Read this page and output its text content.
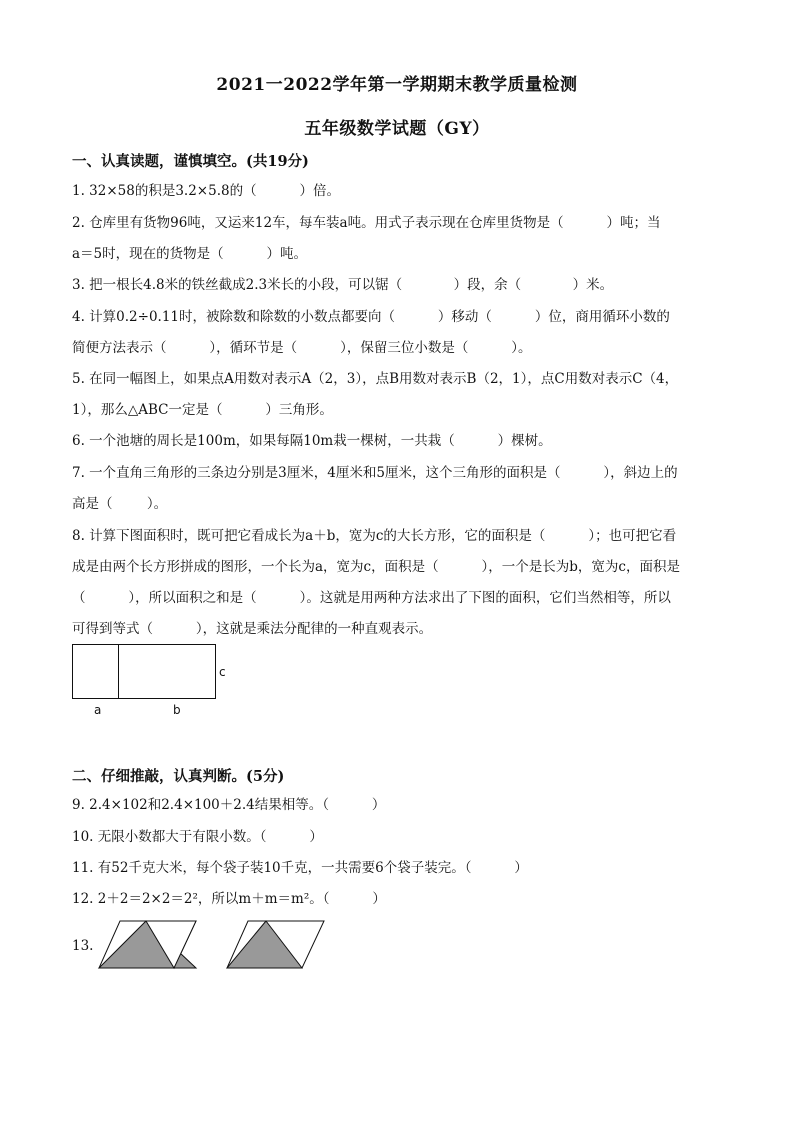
2021一2022学年第一学期期末教学质量检测
五年级数学试题（GY）
一、认真读题，谨慎填空。(共19分)
1. 32×58的积是3.2×5.8的（          ）倍。
2. 仓库里有货物96吨，又运来12车，每车装a吨。用式子表示现在仓库里货物是（          ）吨；当
a＝5时，现在的货物是（          ）吨。
3. 把一根长4.8米的铁丝截成2.3米长的小段，可以锯（            ）段，余（            ）米。
4. 计算0.2÷0.11时，被除数和除数的小数点都要向（          ）移动（          ）位，商用循环小数的
简便方法表示（          ），循环节是（          ），保留三位小数是（          ）。
5. 在同一幅图上，如果点A用数对表示A（2，3），点B用数对表示B（2，1），点C用数对表示C（4，
1），那么△ABC一定是（          ）三角形。
6. 一个池塘的周长是100m，如果每隔10m栽一棵树，一共栽（          ）棵树。
7. 一个直角三角形的三条边分别是3厘米，4厘米和5厘米，这个三角形的面积是（          ），斜边上的
高是（        ）。
8. 计算下图面积时，既可把它看成长为a＋b，宽为c的大长方形，它的面积是（          ）；也可把它看
成是由两个长方形拼成的图形，一个长为a，宽为c，面积是（          ），一个是长为b，宽为c，面积是
（          ），所以面积之和是（          ）。这就是用两种方法求出了下图的面积，它们当然相等，所以
可得到等式（          ），这就是乘法分配律的一种直观表示。
c
a	b
二、仔细推敲，认真判断。(5分)
9. 2.4×102和2.4×100＋2.4结果相等。（          ）
10. 无限小数都大于有限小数。（          ）
11. 有52千克大米，每个袋子装10千克，一共需要6个袋子装完。（          ）
12. 2＋2＝2×2＝2²，所以m＋m＝m²。（          ）
13.
